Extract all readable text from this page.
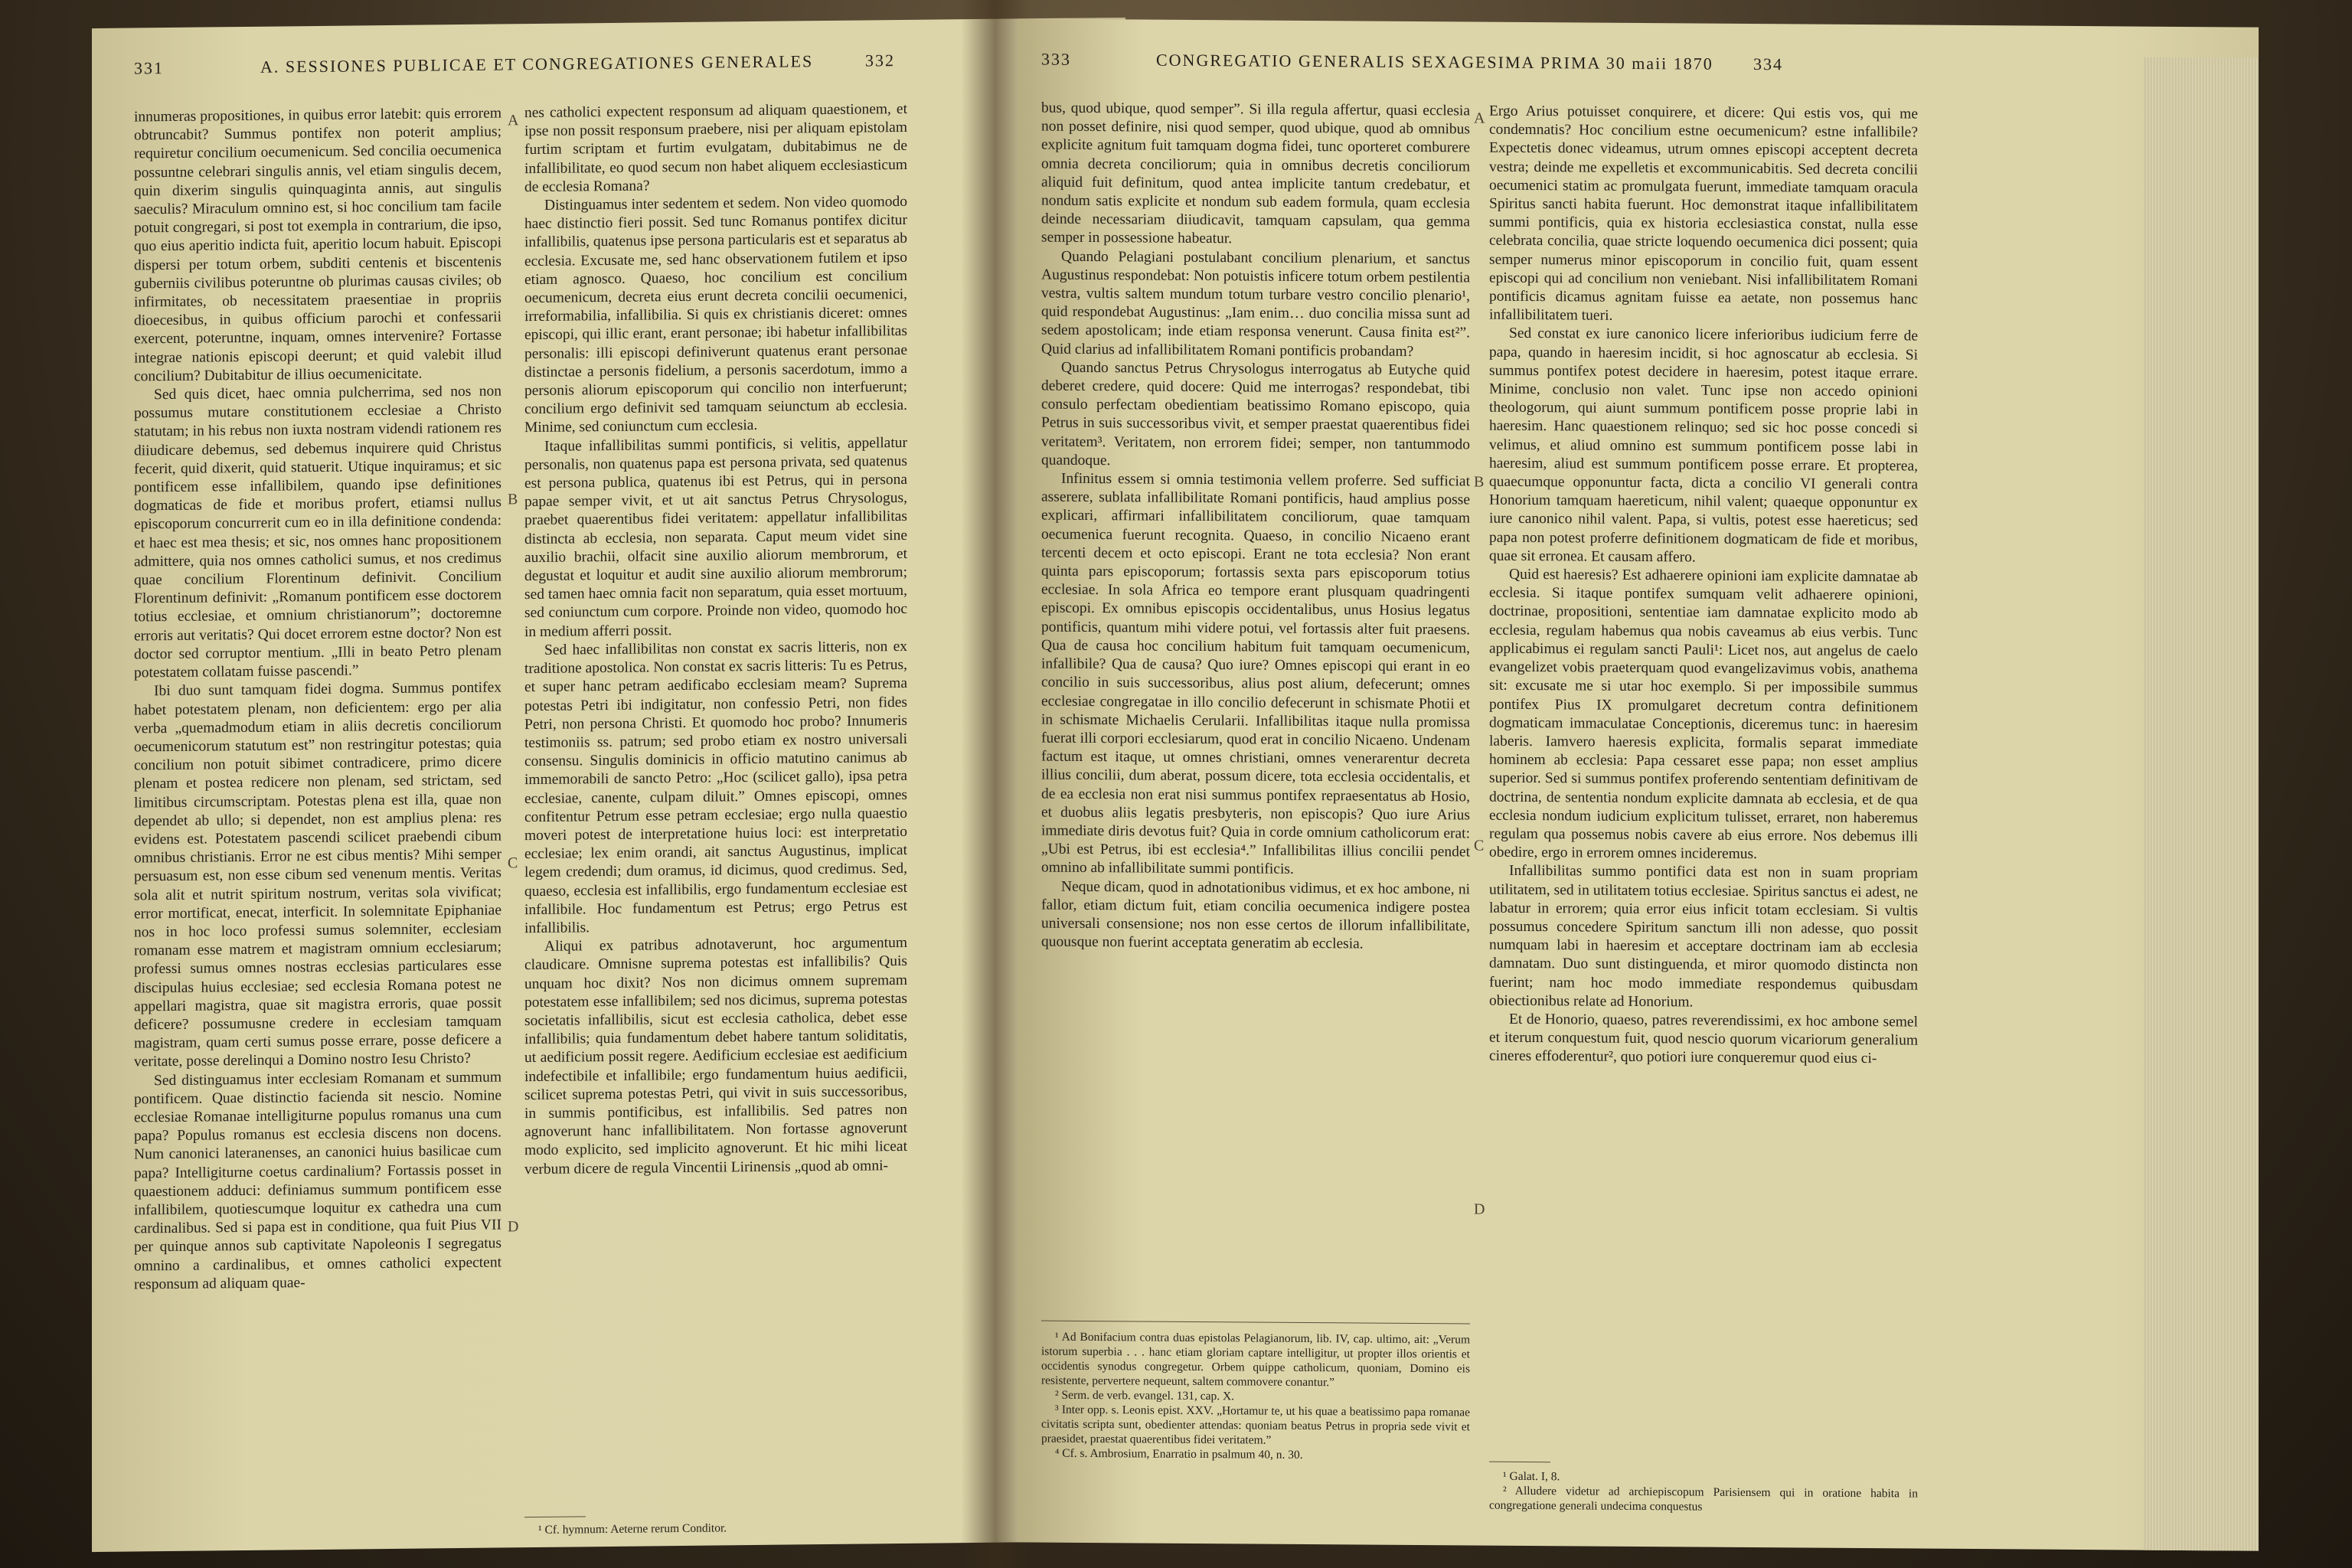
331	A. SESSIONES PUBLICAE ET CONGREGATIONES GENERALES	332

innumeras propositiones, in quibus error latebit: quis errorem obtruncabit? Summus pontifex non poterit amplius; requiretur concilium oecumenicum. Sed concilia oecumenica possuntne celebrari singulis annis, vel etiam singulis decem, quin dixerim singulis quinquaginta annis, aut singulis saeculis? Miraculum omnino est, si hoc concilium tam facile potuit congregari, si post tot exempla in contrarium, die ipso, quo eius aperitio indicta fuit, aperitio locum habuit. Episcopi dispersi per totum orbem, subditi centenis et biscentenis guberniis civilibus poteruntne ob plurimas causas civiles; ob infirmitates, ob necessitatem praesentiae in propriis dioecesibus, in quibus officium parochi et confessarii exercent, poteruntne, inquam, omnes intervenire? Fortasse integrae nationis episcopi deerunt; et quid valebit illud concilium? Dubitabitur de illius oecumenicitate.

Sed quis dicet, haec omnia pulcherrima, sed nos non possumus mutare constitutionem ecclesiae a Christo statutam; in his rebus non iuxta nostram videndi rationem res diiudicare debemus, sed debemus inquirere quid Christus fecerit, quid dixerit, quid statuerit. Utique inquiramus; et sic pontificem esse infallibilem, quando ipse definitiones dogmaticas de fide et moribus profert, etiamsi nullus episcoporum concurrerit cum eo in illa definitione condenda: et haec est mea thesis; et sic, nos omnes hanc propositionem admittere, quia nos omnes catholici sumus, et nos credimus quae concilium Florentinum definivit. Concilium Florentinum definivit: „Romanum pontificem esse doctorem totius ecclesiae, et omnium christianorum”; doctoremne erroris aut veritatis? Qui docet errorem estne doctor? Non est doctor sed corruptor mentium. „Illi in beato Petro plenam potestatem collatam fuisse pascendi.”

Ibi duo sunt tamquam fidei dogma. Summus pontifex habet potestatem plenam, non deficientem: ergo per alia verba „quemadmodum etiam in aliis decretis conciliorum oecumenicorum statutum est” non restringitur potestas; quia concilium non potuit sibimet contradicere, primo dicere plenam et postea redicere non plenam, sed strictam, sed limitibus circumscriptam. Potestas plena est illa, quae non dependet ab ullo; si dependet, non est amplius plena: res evidens est. Potestatem pascendi scilicet praebendi cibum omnibus christianis. Error ne est cibus mentis? Mihi semper persuasum est, non esse cibum sed venenum mentis. Veritas sola alit et nutrit spiritum nostrum, veritas sola vivificat; error mortificat, enecat, interficit. In solemnitate Epiphaniae nos in hoc loco professi sumus solemniter, ecclesiam romanam esse matrem et magistram omnium ecclesiarum; professi sumus omnes nostras ecclesias particulares esse discipulas huius ecclesiae; sed ecclesia Romana potest ne appellari magistra, quae sit magistra erroris, quae possit deficere? possumusne credere in ecclesiam tamquam magistram, quam certi sumus posse errare, posse deficere a veritate, posse derelinqui a Domino nostro Iesu Christo?

Sed distinguamus inter ecclesiam Romanam et summum pontificem. Quae distinctio facienda sit nescio. Nomine ecclesiae Romanae intelligiturne populus romanus una cum papa? Populus romanus est ecclesia discens non docens. Num canonici lateranenses, an canonici huius basilicae cum papa? Intelligiturne coetus cardinalium? Fortassis posset in quaestionem adduci: definiamus summum pontificem esse infallibilem, quotiescumque loquitur ex cathedra una cum cardinalibus. Sed si papa est in conditione, qua fuit Pius VII per quinque annos sub captivitate Napoleonis I segregatus omnino a cardinalibus, et omnes catholici expectent responsum ad aliquam quae-

A
B
C
D

nes catholici expectent responsum ad aliquam quaestionem, et ipse non possit responsum praebere, nisi per aliquam epistolam furtim scriptam et furtim evulgatam, dubitabimus ne de infallibilitate, eo quod secum non habet aliquem ecclesiasticum de ecclesia Romana?

Distinguamus inter sedentem et sedem. Non video quomodo haec distinctio fieri possit. Sed tunc Romanus pontifex dicitur infallibilis, quatenus ipse persona particularis est et separatus ab ecclesia. Excusate me, sed hanc observationem futilem et ipso etiam agnosco. Quaeso, hoc concilium est concilium oecumenicum, decreta eius erunt decreta concilii oecumenici, irreformabilia, infallibilia. Si quis ex christianis diceret: omnes episcopi, qui illic erant, erant personae; ibi habetur infallibilitas personalis: illi episcopi definiverunt quatenus erant personae distinctae a personis fidelium, a personis sacerdotum, immo a personis aliorum episcoporum qui concilio non interfuerunt; concilium ergo definivit sed tamquam seiunctum ab ecclesia. Minime, sed coniunctum cum ecclesia.

Itaque infallibilitas summi pontificis, si velitis, appellatur personalis, non quatenus papa est persona privata, sed quatenus est persona publica, quatenus ibi est Petrus, qui in persona papae semper vivit, et ut ait sanctus Petrus Chrysologus, praebet quaerentibus fidei veritatem: appellatur infallibilitas distincta ab ecclesia, non separata. Caput meum videt sine auxilio brachii, olfacit sine auxilio aliorum membrorum, et degustat et loquitur et audit sine auxilio aliorum membrorum; sed tamen haec omnia facit non separatum, quia esset mortuum, sed coniunctum cum corpore. Proinde non video, quomodo hoc in medium afferri possit.

Sed haec infallibilitas non constat ex sacris litteris, non ex traditione apostolica. Non constat ex sacris litteris: Tu es Petrus, et super hanc petram aedificabo ecclesiam meam? Suprema potestas Petri ibi indigitatur, non confessio Petri, non fides Petri, non persona Christi. Et quomodo hoc probo? Innumeris testimoniis ss. patrum; sed probo etiam ex nostro universali consensu. Singulis dominicis in officio matutino canimus ab immemorabili de sancto Petro: „Hoc (scilicet gallo), ipsa petra ecclesiae, canente, culpam diluit.” Omnes episcopi, omnes confitentur Petrum esse petram ecclesiae; ergo nulla quaestio moveri potest de interpretatione huius loci: est interpretatio ecclesiae; lex enim orandi, ait sanctus Augustinus, implicat legem credendi; dum oramus, id dicimus, quod credimus. Sed, quaeso, ecclesia est infallibilis, ergo fundamentum ecclesiae est infallibile. Hoc fundamentum est Petrus; ergo Petrus est infallibilis.

Aliqui ex patribus adnotaverunt, hoc argumentum claudicare. Omnisne suprema potestas est infallibilis? Quis unquam hoc dixit? Nos non dicimus omnem supremam potestatem esse infallibilem; sed nos dicimus, suprema potestas societatis infallibilis, sicut est ecclesia catholica, debet esse infallibilis; quia fundamentum debet habere tantum soliditatis, ut aedificium possit regere. Aedificium ecclesiae est aedificium indefectibile et infallibile; ergo fundamentum huius aedificii, scilicet suprema potestas Petri, qui vivit in suis successoribus, in summis pontificibus, est infallibilis. Sed patres non agnoverunt hanc infallibilitatem. Non fortasse agnoverunt modo explicito, sed implicito agnoverunt. Et hic mihi liceat verbum dicere de regula Vincentii Lirinensis „quod ab omni-

¹ Cf. hymnum: Aeterne rerum Conditor.

333	CONGREGATIO GENERALIS SEXAGESIMA PRIMA 30 maii 1870 334

bus, quod ubique, quod semper”. Si illa regula affertur, quasi ecclesia non posset definire, nisi quod semper, quod ubique, quod ab omnibus explicite agnitum fuit tamquam dogma fidei, tunc oporteret comburere omnia decreta conciliorum; quia in omnibus decretis conciliorum aliquid fuit definitum, quod antea implicite tantum credebatur, et nondum satis explicite et nondum sub eadem formula, quam ecclesia deinde necessariam diiudicavit, tamquam capsulam, qua gemma semper in possessione habeatur.

Quando Pelagiani postulabant concilium plenarium, et sanctus Augustinus respondebat: Non potuistis inficere totum orbem pestilentia vestra, vultis saltem mundum totum turbare vestro concilio plenario¹, quid respondebat Augustinus: „Iam enim… duo concilia missa sunt ad sedem apostolicam; inde etiam responsa venerunt. Causa finita est²”. Quid clarius ad infallibilitatem Romani pontificis probandam?

Quando sanctus Petrus Chrysologus interrogatus ab Eutyche quid deberet credere, quid docere: Quid me interrogas? respondebat, tibi consulo perfectam obedientiam beatissimo Romano episcopo, quia Petrus in suis successoribus vivit, et semper praestat quaerentibus fidei veritatem³. Veritatem, non errorem fidei; semper, non tantummodo quandoque.

Infinitus essem si omnia testimonia vellem proferre. Sed sufficiat asserere, sublata infallibilitate Romani pontificis, haud amplius posse explicari, affirmari infallibilitatem conciliorum, quae tamquam oecumenica fuerunt recognita. Quaeso, in concilio Nicaeno erant tercenti decem et octo episcopi. Erant ne tota ecclesia? Non erant quinta pars episcoporum; fortassis sexta pars episcoporum totius ecclesiae. In sola Africa eo tempore erant plusquam quadringenti episcopi. Ex omnibus episcopis occidentalibus, unus Hosius legatus pontificis, quantum mihi videre potui, vel fortassis alter fuit praesens. Qua de causa hoc concilium habitum fuit tamquam oecumenicum, infallibile? Qua de causa? Quo iure? Omnes episcopi qui erant in eo concilio in suis successoribus, alius post alium, defecerunt; omnes ecclesiae congregatae in illo concilio defecerunt in schismate Photii et in schismate Michaelis Cerularii. Infallibilitas itaque nulla promissa fuerat illi corpori ecclesiarum, quod erat in concilio Nicaeno. Undenam factum est itaque, ut omnes christiani, omnes venerarentur decreta illius concilii, dum aberat, possum dicere, tota ecclesia occidentalis, et de ea ecclesia non erat nisi summus pontifex repraesentatus ab Hosio, et duobus aliis legatis presbyteris, non episcopis? Quo iure Arius immediate diris devotus fuit? Quia in corde omnium catholicorum erat: „Ubi est Petrus, ibi est ecclesia⁴.” Infallibilitas illius concilii pendet omnino ab infallibilitate summi pontificis.

Neque dicam, quod in adnotationibus vidimus, et ex hoc ambone, ni fallor, etiam dictum fuit, etiam concilia oecumenica indigere postea universali consensione; nos non esse certos de illorum infallibilitate, quousque non fuerint acceptata generatim ab ecclesia.

A
B
C
D

¹ Ad Bonifacium contra duas epistolas Pelagianorum, lib. IV, cap. ultimo, ait: „Verum istorum superbia . . . hanc etiam gloriam captare intelligitur, ut propter illos orientis et occidentis synodus congregetur. Orbem quippe catholicum, quoniam, Domino eis resistente, pervertere nequeunt, saltem commovere conantur.”

² Serm. de verb. evangel. 131, cap. X.

³ Inter opp. s. Leonis epist. XXV. „Hortamur te, ut his quae a beatissimo papa romanae civitatis scripta sunt, obedienter attendas: quoniam beatus Petrus in propria sede vivit et praesidet, praestat quaerentibus fidei veritatem.”

⁴ Cf. s. Ambrosium, Enarratio in psalmum 40, n. 30.

Ergo Arius potuisset conquirere, et dicere: Qui estis vos, qui me condemnatis? Hoc concilium estne oecumenicum? estne infallibile? Expectetis donec videamus, utrum omnes episcopi acceptent decreta vestra; deinde me expelletis et excommunicabitis. Sed decreta concilii oecumenici statim ac promulgata fuerunt, immediate tamquam oracula Spiritus sancti habita fuerunt. Hoc demonstrat itaque infallibilitatem summi pontificis, quia ex historia ecclesiastica constat, nulla esse celebrata concilia, quae stricte loquendo oecumenica dici possent; quia semper numerus minor episcoporum in concilio fuit, quam essent episcopi qui ad concilium non veniebant. Nisi infallibilitatem Romani pontificis dicamus agnitam fuisse ea aetate, non possemus hanc infallibilitatem tueri.

Sed constat ex iure canonico licere inferioribus iudicium ferre de papa, quando in haeresim incidit, si hoc agnoscatur ab ecclesia. Si summus pontifex potest decidere in haeresim, potest itaque errare. Minime, conclusio non valet. Tunc ipse non accedo opinioni theologorum, qui aiunt summum pontificem posse proprie labi in haeresim. Hanc quaestionem relinquo; sed sic hoc posse concedi si velimus, et aliud omnino est summum pontificem posse labi in haeresim, aliud est summum pontificem posse errare. Et propterea, quaecumque opponuntur facta, dicta a concilio VI generali contra Honorium tamquam haereticum, nihil valent; quaeque opponuntur ex iure canonico nihil valent. Papa, si vultis, potest esse haereticus; sed papa non potest proferre definitionem dogmaticam de fide et moribus, quae sit erronea. Et causam affero.

Quid est haeresis? Est adhaerere opinioni iam explicite damnatae ab ecclesia. Si itaque pontifex sumquam velit adhaerere opinioni, doctrinae, propositioni, sententiae iam damnatae explicito modo ab ecclesia, regulam habemus qua nobis caveamus ab eius verbis. Tunc applicabimus ei regulam sancti Pauli¹: Licet nos, aut angelus de caelo evangelizet vobis praeterquam quod evangelizavimus vobis, anathema sit: excusate me si utar hoc exemplo. Si per impossibile summus pontifex Pius IX promulgaret decretum contra definitionem dogmaticam immaculatae Conceptionis, diceremus tunc: in haeresim laberis. Iamvero haeresis explicita, formalis separat immediate hominem ab ecclesia: Papa cessaret esse papa; non esset amplius superior. Sed si summus pontifex proferendo sententiam definitivam de doctrina, de sententia nondum explicite damnata ab ecclesia, et de qua ecclesia nondum iudicium explicitum tulisset, erraret, non haberemus regulam qua possemus nobis cavere ab eius errore. Nos debemus illi obedire, ergo in errorem omnes incideremus.

Infallibilitas summo pontifici data est non in suam propriam utilitatem, sed in utilitatem totius ecclesiae. Spiritus sanctus ei adest, ne labatur in errorem; quia error eius inficit totam ecclesiam. Si vultis possumus concedere Spiritum sanctum illi non adesse, quo possit numquam labi in haeresim et acceptare doctrinam iam ab ecclesia damnatam. Duo sunt distinguenda, et miror quomodo distincta non fuerint; nam hoc modo immediate respondemus quibusdam obiectionibus relate ad Honorium.

Et de Honorio, quaeso, patres reverendissimi, ex hoc ambone semel et iterum conquestum fuit, quod nescio quorum vicariorum generalium cineres effoderentur², quo potiori iure conqueremur quod eius ci-

¹ Galat. I, 8.

² Alludere videtur ad archiepiscopum Parisiensem qui in oratione habita in congregatione generali undecima conquestus
